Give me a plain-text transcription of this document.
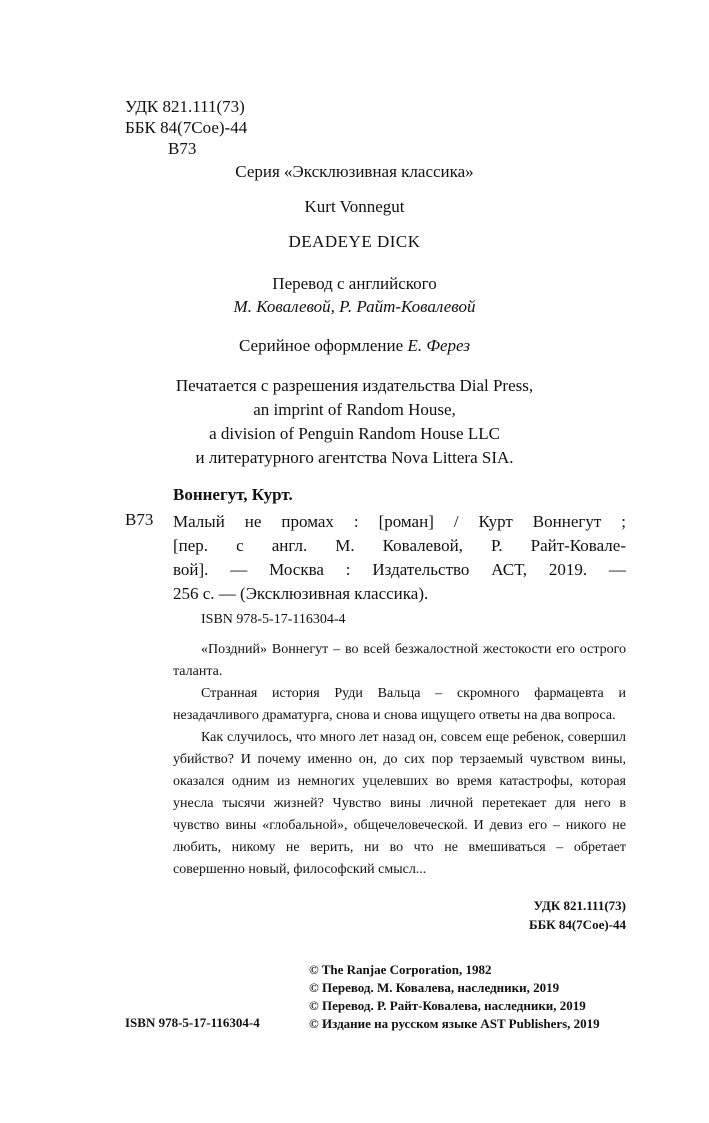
УДК 821.111(73)
ББК 84(7Сое)-44
В73
Серия «Эксклюзивная классика»
Kurt Vonnegut
DEADEYE DICK
Перевод с английского
М. Ковалевой, Р. Райт-Ковалевой
Серийное оформление Е. Ферез
Печатается с разрешения издательства Dial Press,
an imprint of Random House,
a division of Penguin Random House LLC
и литературного агентства Nova Littera SIA.
Воннегут, Курт.
В73 Малый не промах : [роман] / Курт Воннегут ;
[пер. с англ. М. Ковалевой, Р. Райт-Ковале-
вой]. — Москва : Издательство АСТ, 2019. —
256 с. — (Эксклюзивная классика).
ISBN 978-5-17-116304-4

«Поздний» Воннегут – во всей безжалостной жестокости его острого таланта.

Странная история Руди Вальца – скромного фармацевта и незадачливого драматурга, снова и снова ищущего ответы на два вопроса.

Как случилось, что много лет назад он, совсем еще ребенок, совершил убийство? И почему именно он, до сих пор терзаемый чувством вины, оказался одним из немногих уцелевших во время катастрофы, которая унесла тысячи жизней? Чувство вины личной перетекает для него в чувство вины «глобальной», общечеловеческой. И девиз его – никого не любить, никому не верить, ни во что не вмешиваться – обретает совершенно новый, философский смысл...

УДК 821.111(73)
ББК 84(7Сое)-44
© The Ranjae Corporation, 1982
© Перевод. М. Ковалева, наследники, 2019
© Перевод. Р. Райт-Ковалева, наследники, 2019
© Издание на русском языке AST Publishers, 2019
ISBN 978-5-17-116304-4
